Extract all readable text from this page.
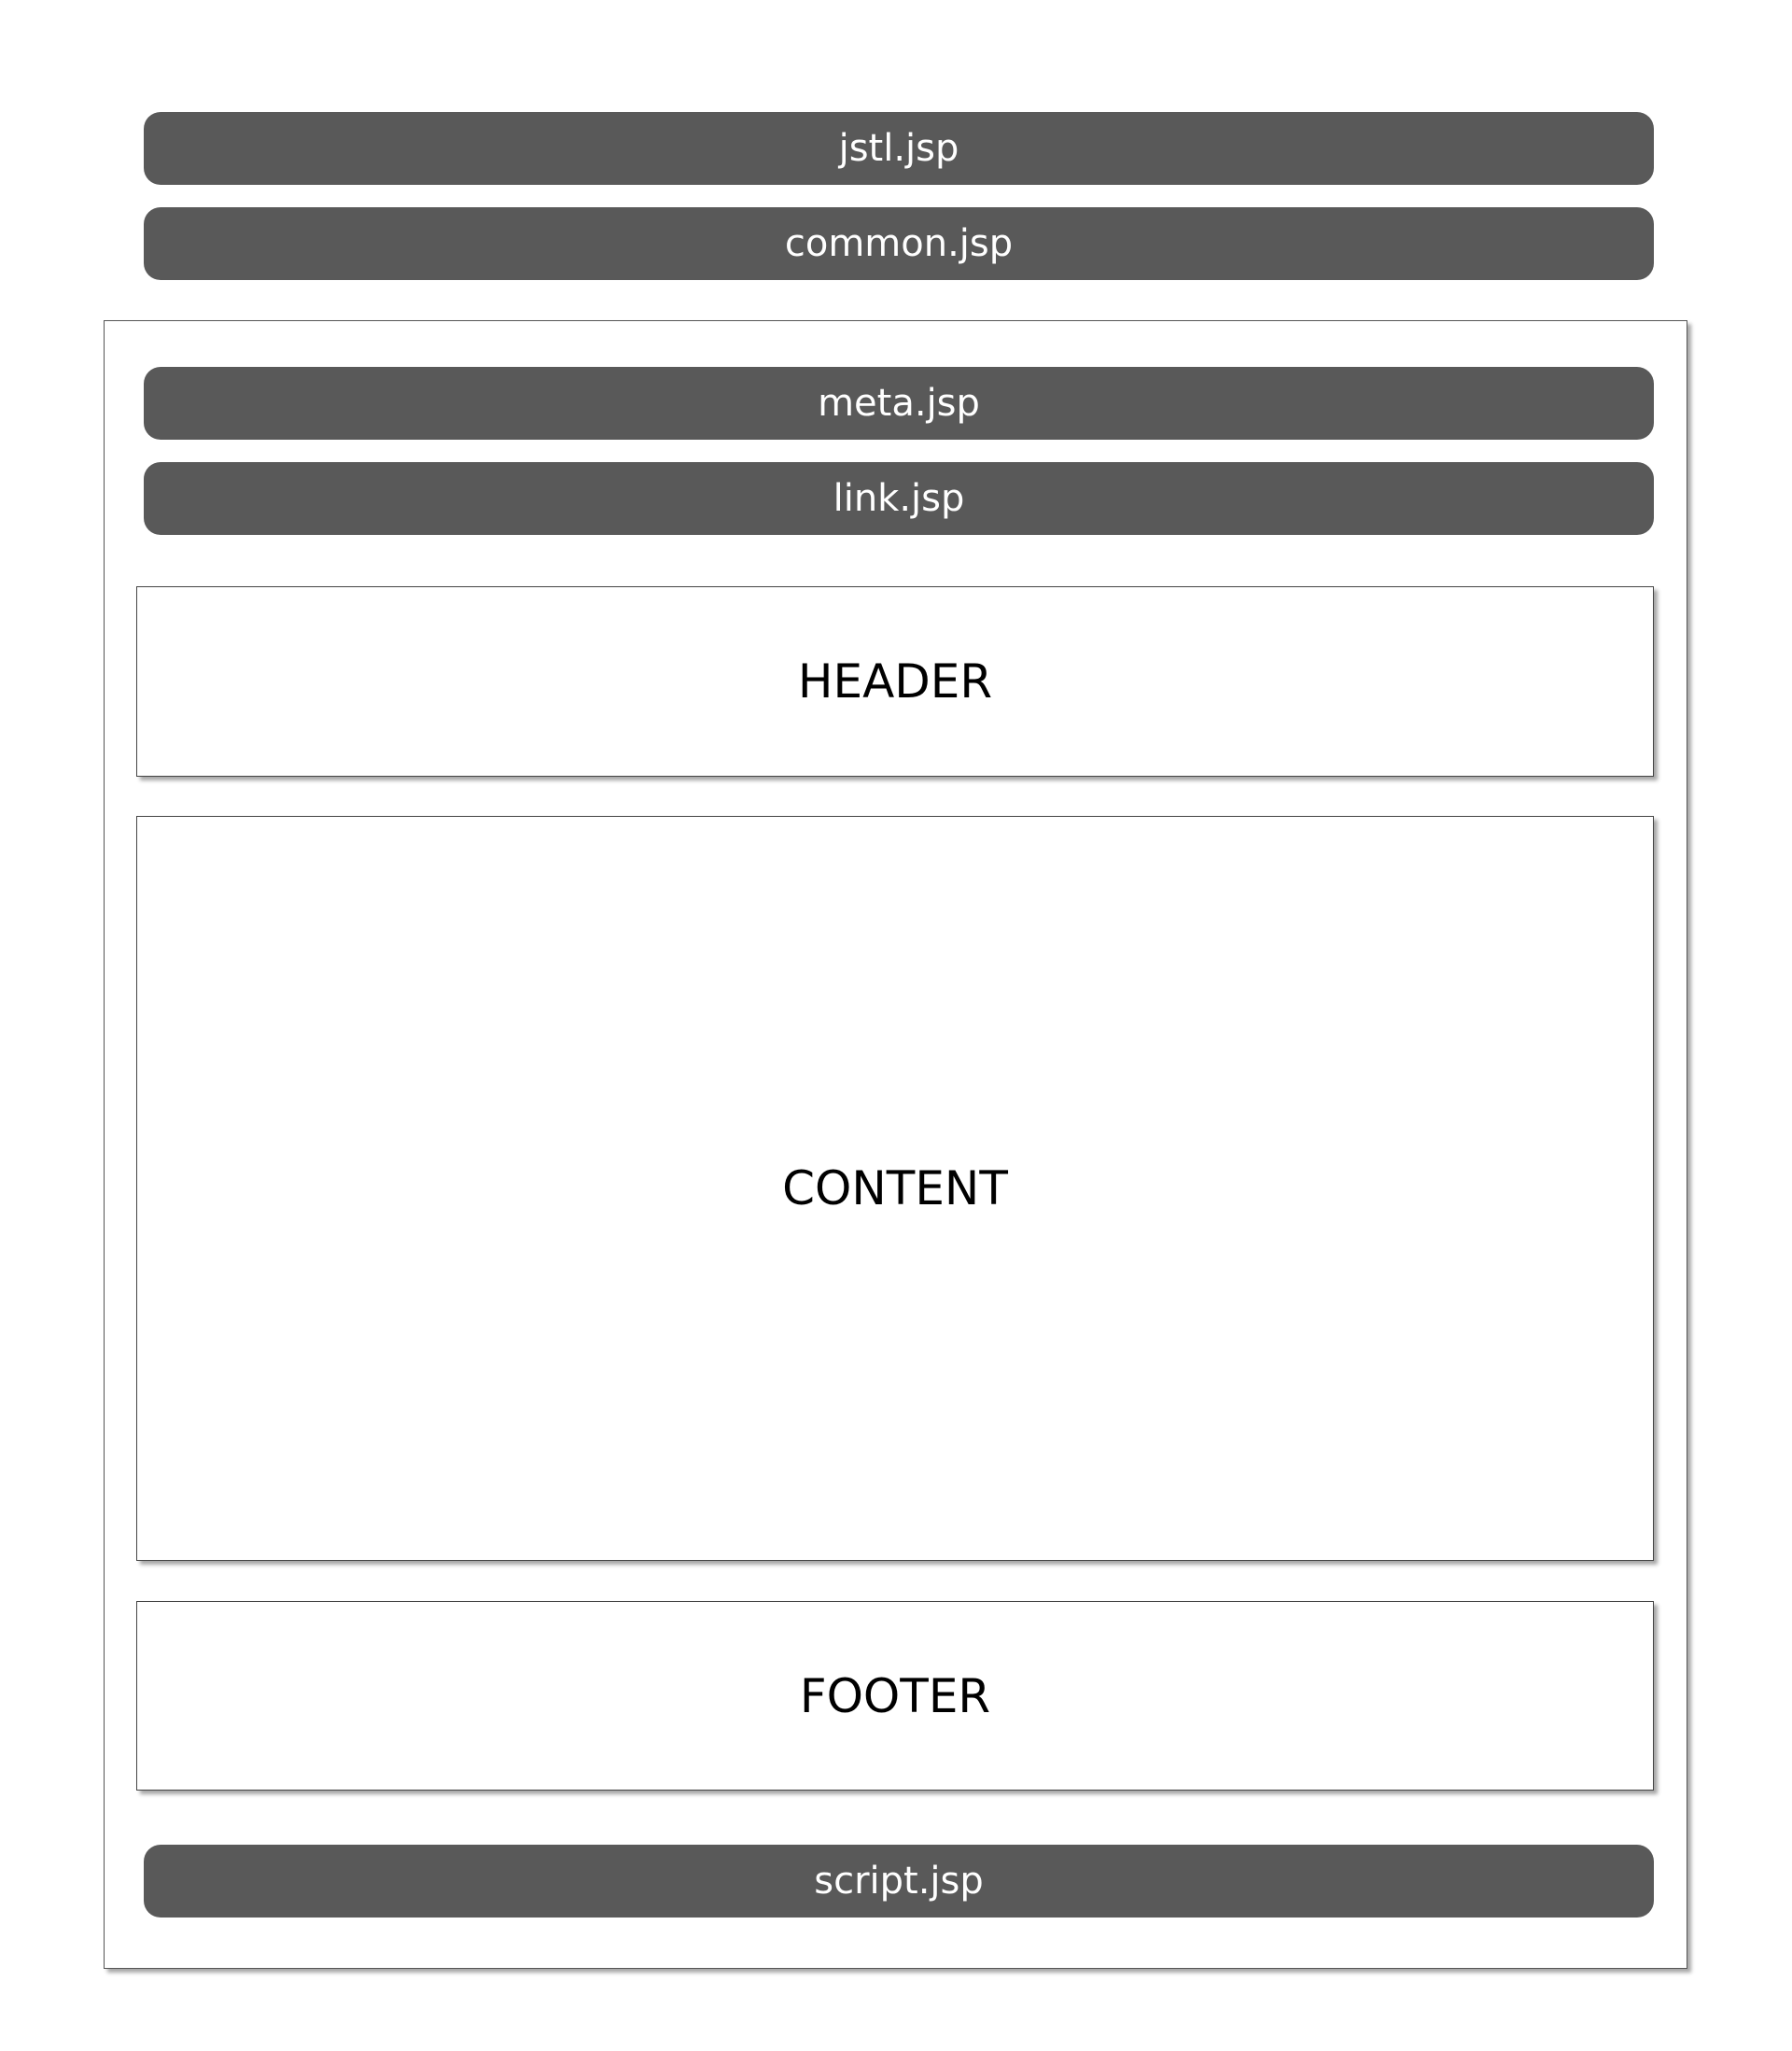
jstl.jsp
common.jsp
meta.jsp
link.jsp
HEADER
CONTENT
FOOTER
script.jsp
